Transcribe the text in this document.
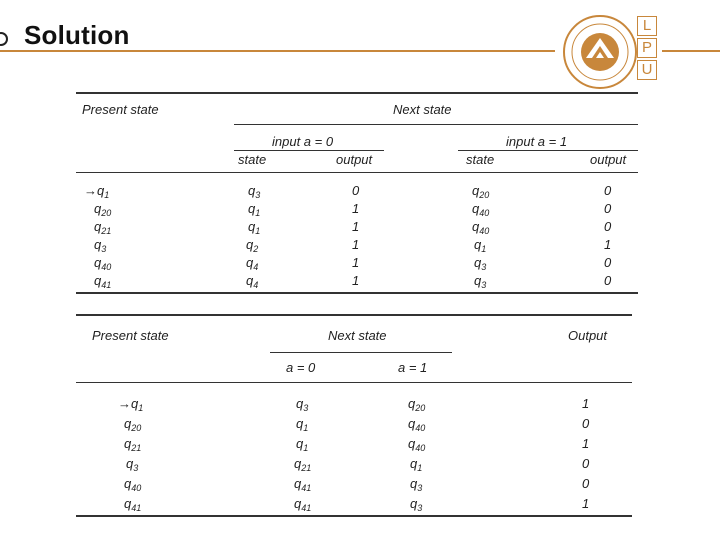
Solution	L
P
U
Present state	Next state
input a = 0	input a = 1
state	output	state	output
$\to q_1$	$q_3$	0	$q_{20}$	0
$q_{20}$	$q_1$	1	$q_{40}$	0
$q_{21}$	$q_1$	1	$q_{40}$	0
$q_3$	$q_2$	1	$q_1$	1
$q_{40}$	$q_4$	1	$q_3$	0
$q_{41}$	$q_4$	1	$q_3$	0
Present state	Next state	Output
a = 0	a = 1
$\to q_1$	$q_3$	$q_{20}$	1
$q_{20}$	$q_1$	$q_{40}$	0
$q_{21}$	$q_1$	$q_{40}$	1
$q_3$	$q_{21}$	$q_1$	0
$q_{40}$	$q_{41}$	$q_3$	0
$q_{41}$	$q_{41}$	$q_3$	1
